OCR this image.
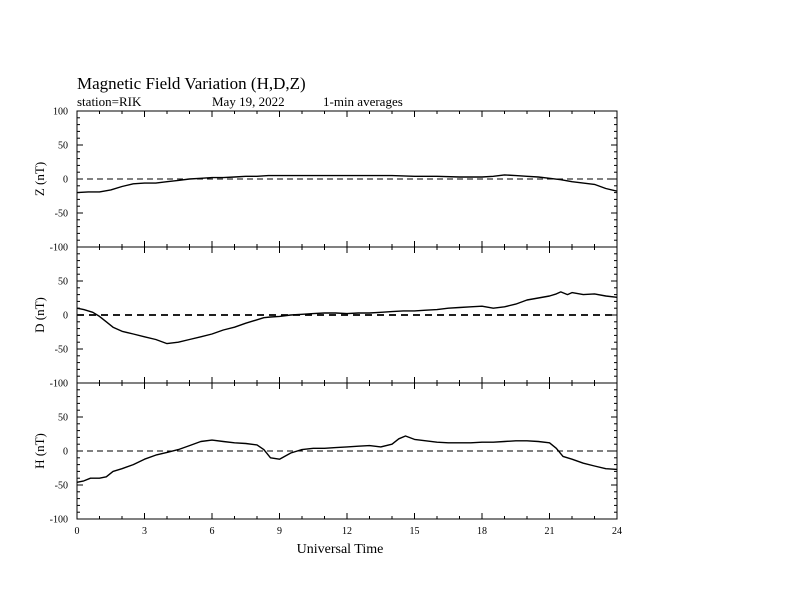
Magnetic Field Variation (H,D,Z)
station=RIK	May 19, 2022	1-min averages
100
50
0
-50
-100
Z (nT)
50
0
-50
-100
D (nT)
50
0
-50
-100
H (nT)
0	3	6	9	12	15	18	21	24
Universal Time
